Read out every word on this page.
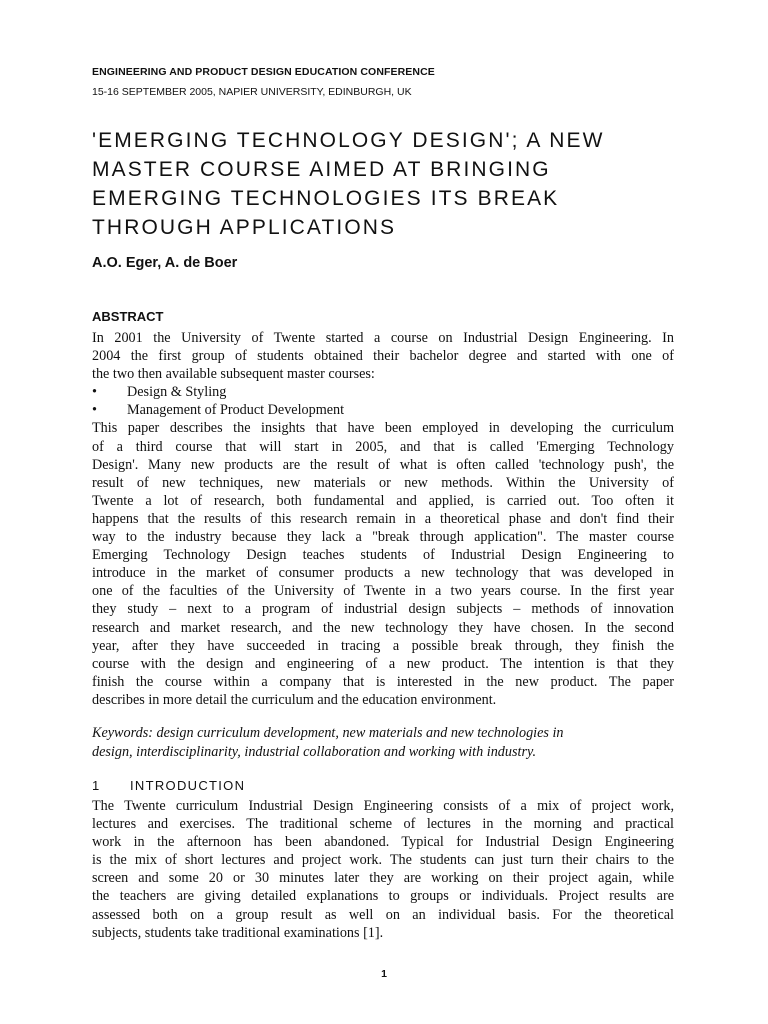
ENGINEERING AND PRODUCT DESIGN EDUCATION CONFERENCE
15-16 SEPTEMBER 2005, NAPIER UNIVERSITY, EDINBURGH, UK
'EMERGING TECHNOLOGY DESIGN'; A NEW
MASTER COURSE AIMED AT BRINGING
EMERGING TECHNOLOGIES ITS BREAK
THROUGH APPLICATIONS
A.O. Eger, A. de Boer
ABSTRACT
In 2001 the University of Twente started a course on Industrial Design Engineering. In
2004 the first group of students obtained their bachelor degree and started with one of
the two then available subsequent master courses:
•	Design & Styling
•	Management of Product Development
This paper describes the insights that have been employed in developing the curriculum
of a third course that will start in 2005, and that is called 'Emerging Technology
Design'. Many new products are the result of what is often called 'technology push', the
result of new techniques, new materials or new methods. Within the University of
Twente a lot of research, both fundamental and applied, is carried out. Too often it
happens that the results of this research remain in a theoretical phase and don't find their
way to the industry because they lack a "break through application". The master course
Emerging Technology Design teaches students of Industrial Design Engineering to
introduce in the market of consumer products a new technology that was developed in
one of the faculties of the University of Twente in a two years course. In the first year
they study – next to a program of industrial design subjects – methods of innovation
research and market research, and the new technology they have chosen. In the second
year, after they have succeeded in tracing a possible break through, they finish the
course with the design and engineering of a new product. The intention is that they
finish the course within a company that is interested in the new product. The paper
describes in more detail the curriculum and the education environment.
Keywords: design curriculum development, new materials and new technologies in
design, interdisciplinarity, industrial collaboration and working with industry.
1	INTRODUCTION
The Twente curriculum Industrial Design Engineering consists of a mix of project work,
lectures and exercises. The traditional scheme of lectures in the morning and practical
work in the afternoon has been abandoned. Typical for Industrial Design Engineering
is the mix of short lectures and project work. The students can just turn their chairs to the
screen and some 20 or 30 minutes later they are working on their project again, while
the teachers are giving detailed explanations to groups or individuals. Project results are
assessed both on a group result as well on an individual basis. For the theoretical
subjects, students take traditional examinations [1].
1
